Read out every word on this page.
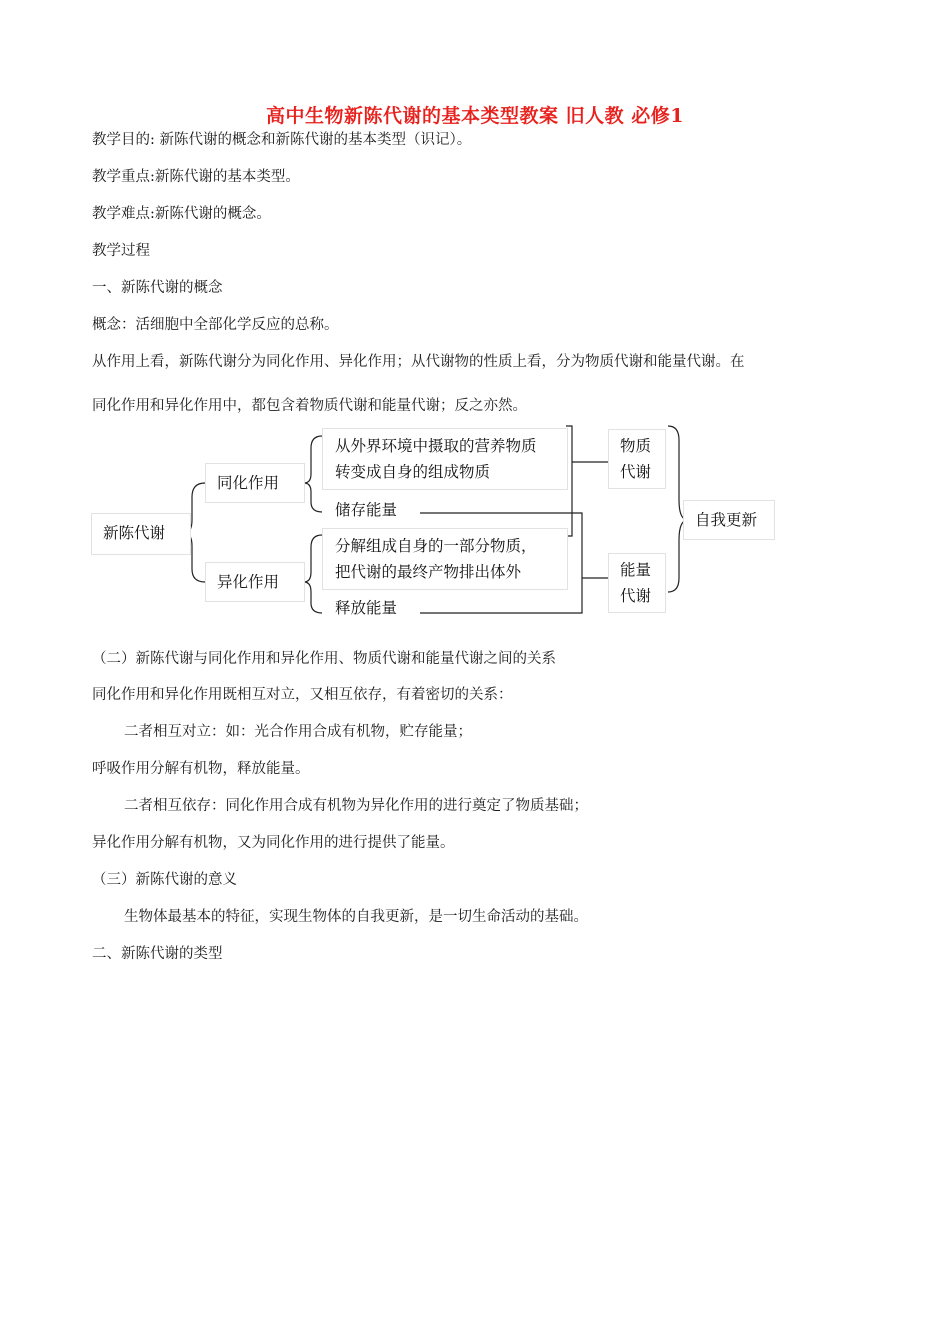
高中生物新陈代谢的基本类型教案 旧人教 必修1
教学目的: 新陈代谢的概念和新陈代谢的基本类型（识记）。
教学重点:新陈代谢的基本类型。
教学难点:新陈代谢的概念。
教学过程
一、新陈代谢的概念
概念：活细胞中全部化学反应的总称。
从作用上看，新陈代谢分为同化作用、异化作用；从代谢物的性质上看，分为物质代谢和能量代谢。在
同化作用和异化作用中，都包含着物质代谢和能量代谢；反之亦然。
新陈代谢
同化作用
异化作用
从外界环境中摄取的营养物质
转变成自身的组成物质
储存能量
分解组成自身的一部分物质，
把代谢的最终产物排出体外
释放能量
物质
代谢
能量
代谢
自我更新
（二）新陈代谢与同化作用和异化作用、物质代谢和能量代谢之间的关系
同化作用和异化作用既相互对立，又相互依存，有着密切的关系：
二者相互对立：如：光合作用合成有机物，贮存能量；
呼吸作用分解有机物，释放能量。
二者相互依存：同化作用合成有机物为异化作用的进行奠定了物质基础；
异化作用分解有机物，又为同化作用的进行提供了能量。
（三）新陈代谢的意义
生物体最基本的特征，实现生物体的自我更新，是一切生命活动的基础。
二、新陈代谢的类型
